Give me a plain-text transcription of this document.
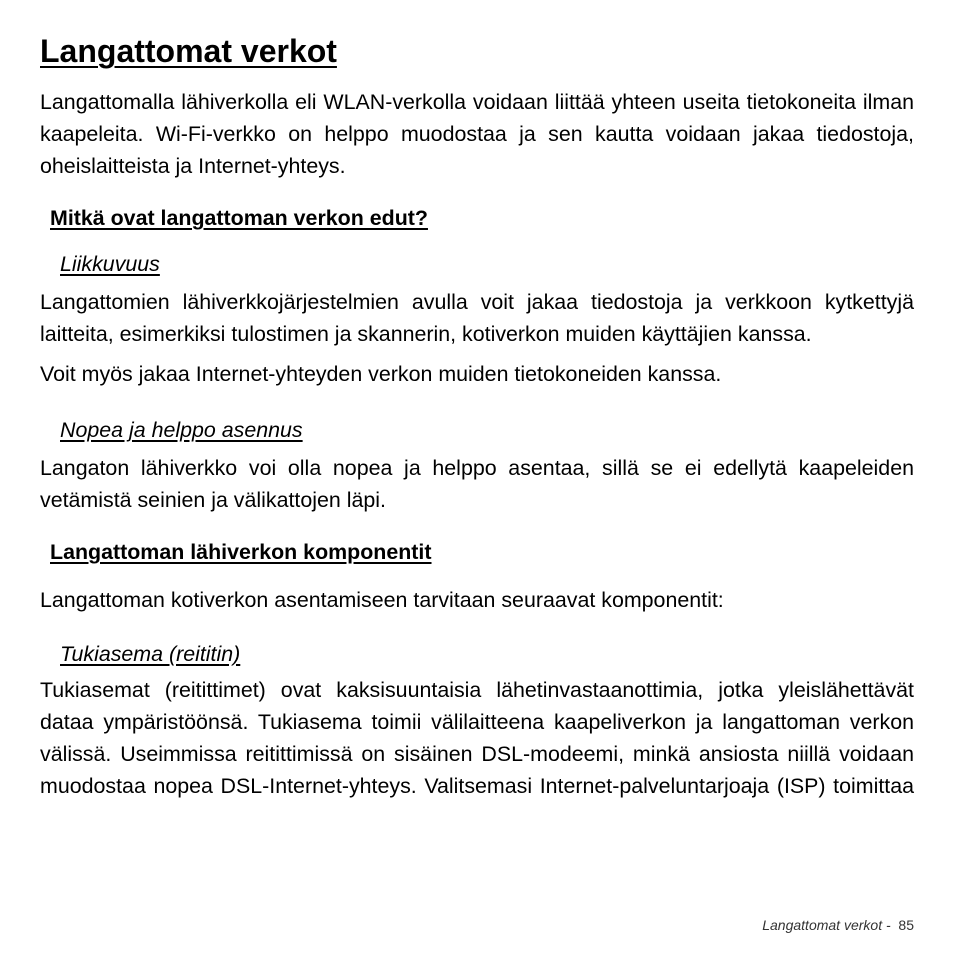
Langattomat verkot

Langattomalla lähiverkolla eli WLAN-verkolla voidaan liittää yhteen useita tietokoneita ilman kaapeleita. Wi-Fi-verkko on helppo muodostaa ja sen kautta voidaan jakaa tiedostoja, oheislaitteista ja Internet-yhteys.

Mitkä ovat langattoman verkon edut?
Liikkuvuus

Langattomien lähiverkkojärjestelmien avulla voit jakaa tiedostoja ja verkkoon kytkettyjä laitteita, esimerkiksi tulostimen ja skannerin, kotiverkon muiden käyttäjien kanssa.

Voit myös jakaa Internet-yhteyden verkon muiden tietokoneiden kanssa.

Nopea ja helppo asennus

Langaton lähiverkko voi olla nopea ja helppo asentaa, sillä se ei edellytä kaapeleiden vetämistä seinien ja välikattojen läpi.

Langattoman lähiverkon komponentit

Langattoman kotiverkon asentamiseen tarvitaan seuraavat komponentit:

Tukiasema (reititin)

Tukiasemat (reitittimet) ovat kaksisuuntaisia lähetinvastaanottimia, jotka yleislähettävät dataa ympäristöönsä. Tukiasema toimii välilaitteena kaapeliverkon ja langattoman verkon välissä. Useimmissa reitittimissä on sisäinen DSL-modeemi, minkä ansiosta niillä voidaan muodostaa nopea DSL-Internet-yhteys. Valitsemasi Internet-palveluntarjoaja (ISP) toimittaa

Langattomat verkot - 85
